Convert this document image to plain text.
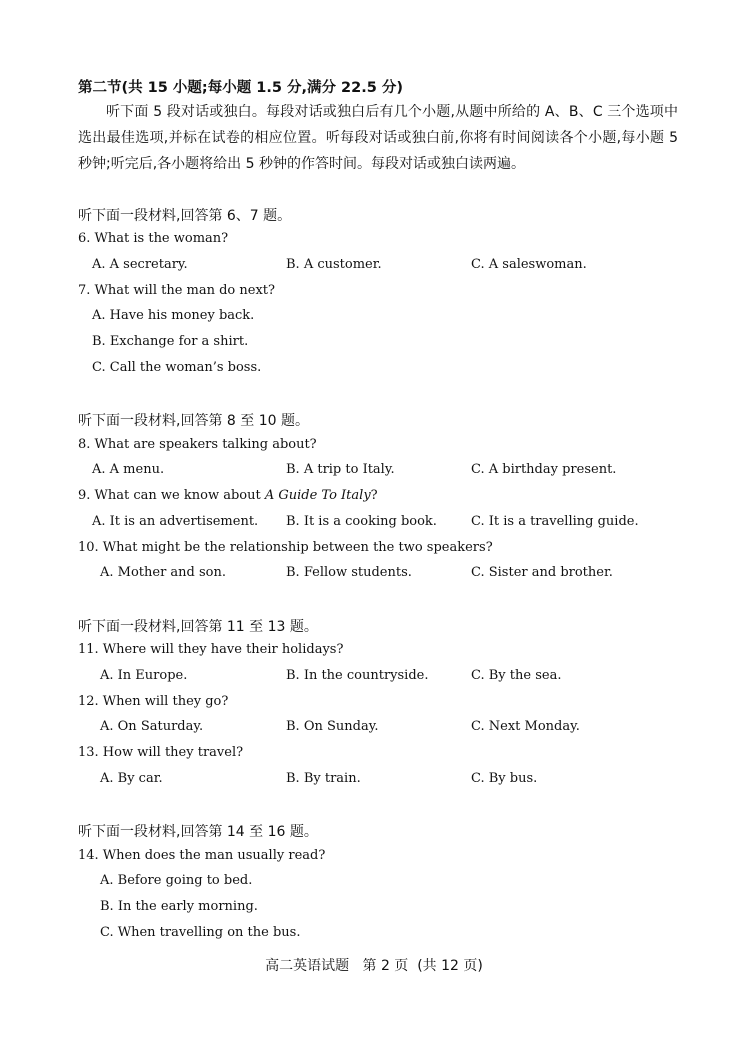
第二节(共 15 小题;每小题 1.5 分,满分 22.5 分)
听下面 5 段对话或独白。每段对话或独白后有几个小题,从题中所给的 A、B、C 三个选项中选出最佳选项,并标在试卷的相应位置。听每段对话或独白前,你将有时间阅读各个小题,每小题 5 秒钟;听完后,各小题将给出 5 秒钟的作答时间。每段对话或独白读两遍。
听下面一段材料,回答第 6、7 题。
6. What is the woman?
A. A secretary.	B. A customer.	C. A saleswoman.
7. What will the man do next?
A. Have his money back.
B. Exchange for a shirt.
C. Call the woman’s boss.
听下面一段材料,回答第 8 至 10 题。
8. What are speakers talking about?
A. A menu.	B. A trip to Italy.	C. A birthday present.
9. What can we know about A Guide To Italy?
A. It is an advertisement. B. It is a cooking book.	C. It is a travelling guide.
10. What might be the relationship between the two speakers?
A. Mother and son.	B. Fellow students.	C. Sister and brother.
听下面一段材料,回答第 11 至 13 题。
11. Where will they have their holidays?
A. In Europe.	B. In the countryside.	C. By the sea.
12. When will they go?
A. On Saturday.	B. On Sunday.	C. Next Monday.
13. How will they travel?
A. By car.	B. By train.	C. By bus.
听下面一段材料,回答第 14 至 16 题。
14. When does the man usually read?
A. Before going to bed.
B. In the early morning.
C. When travelling on the bus.
高二英语试题   第 2 页  (共 12 页)
